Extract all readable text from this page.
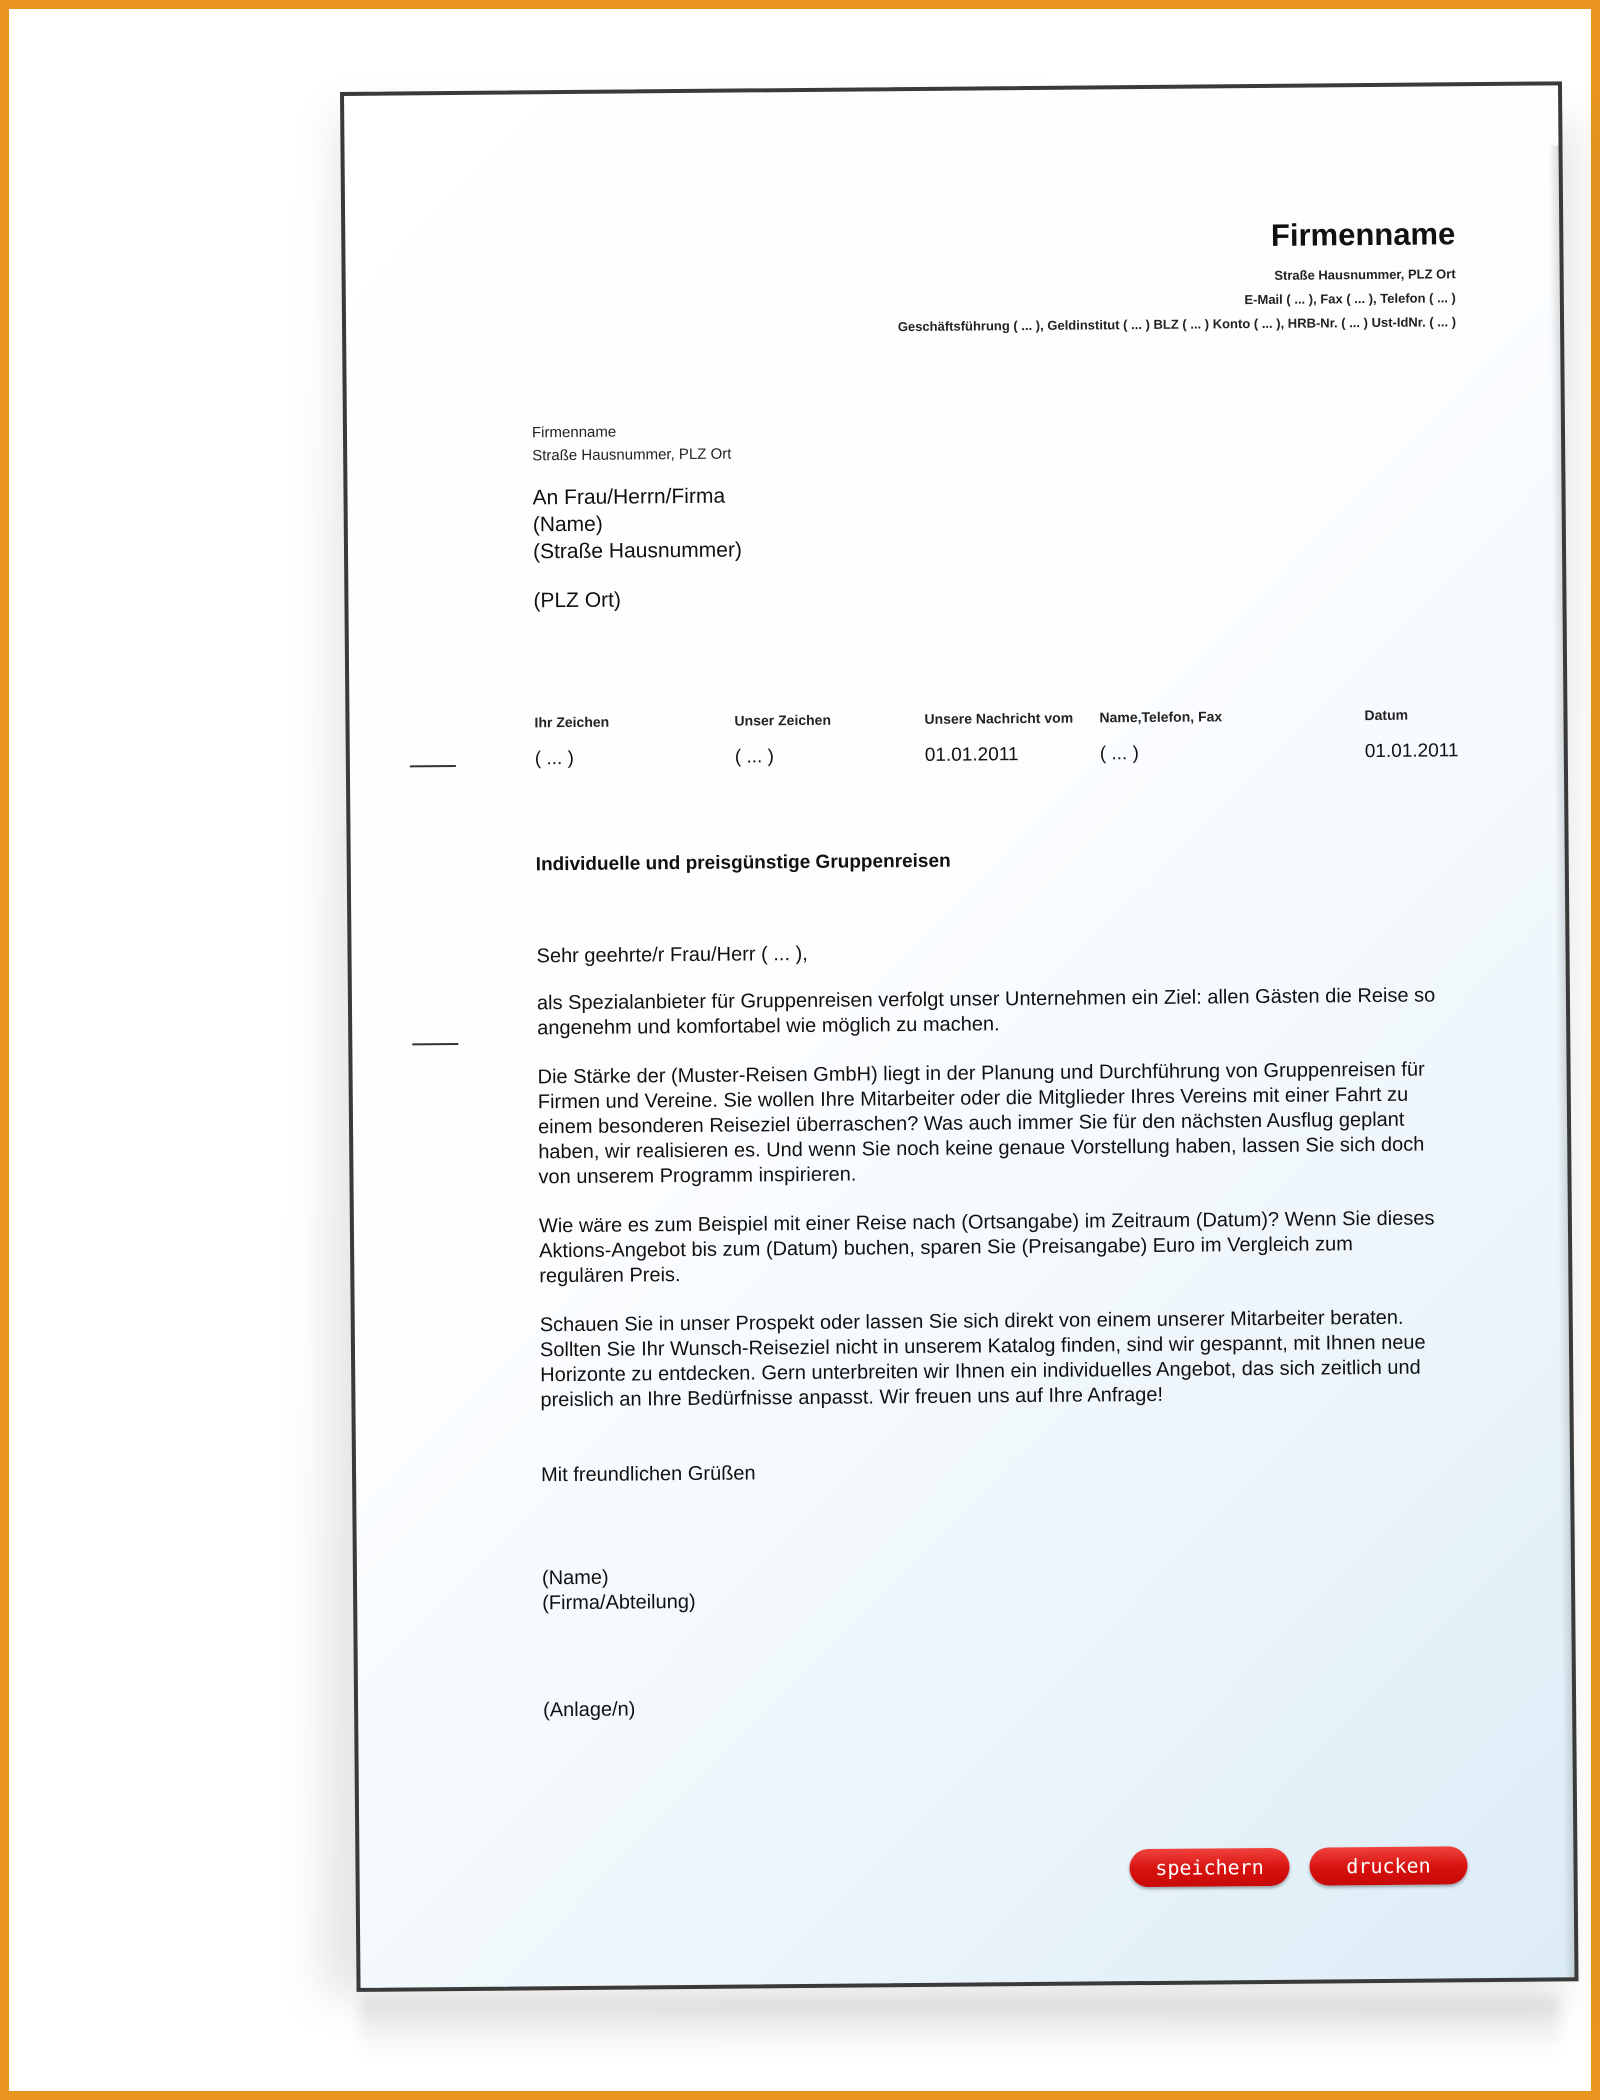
Firmenname
Straße Hausnummer, PLZ Ort
E-Mail ( ... ), Fax ( ... ), Telefon ( ... )
Geschäftsführung ( ... ), Geldinstitut ( ... ) BLZ ( ... ) Konto ( ... ), HRB-Nr. ( ... ) Ust-IdNr. ( ... )
Firmenname
Straße Hausnummer, PLZ Ort
An Frau/Herrn/Firma
(Name)
(Straße Hausnummer)
(PLZ Ort)
Ihr Zeichen
( ... )
Unser Zeichen
( ... )
Unsere Nachricht vom
01.01.2011
Name,Telefon, Fax
( ... )
Datum
01.01.2011
Individuelle und preisgünstige Gruppenreisen

Sehr geehrte/r Frau/Herr ( ... ),

als Spezialanbieter für Gruppenreisen verfolgt unser Unternehmen ein Ziel: allen Gästen die Reise so angenehm und komfortabel wie möglich zu machen.

Die Stärke der (Muster-Reisen GmbH) liegt in der Planung und Durchführung von Gruppenreisen für Firmen und Vereine. Sie wollen Ihre Mitarbeiter oder die Mitglieder Ihres Vereins mit einer Fahrt zu einem besonderen Reiseziel überraschen? Was auch immer Sie für den nächsten Ausflug geplant haben, wir realisieren es. Und wenn Sie noch keine genaue Vorstellung haben, lassen Sie sich doch von unserem Programm inspirieren.

Wie wäre es zum Beispiel mit einer Reise nach (Ortsangabe) im Zeitraum (Datum)? Wenn Sie dieses Aktions-Angebot bis zum (Datum) buchen, sparen Sie (Preisangabe) Euro im Vergleich zum regulären Preis.

Schauen Sie in unser Prospekt oder lassen Sie sich direkt von einem unserer Mitarbeiter beraten. Sollten Sie Ihr Wunsch-Reiseziel nicht in unserem Katalog finden, sind wir gespannt, mit Ihnen neue Horizonte zu entdecken. Gern unterbreiten wir Ihnen ein individuelles Angebot, das sich zeitlich und preislich an Ihre Bedürfnisse anpasst. Wir freuen uns auf Ihre Anfrage!

Mit freundlichen Grüßen
(Name)
(Firma/Abteilung)
(Anlage/n)
speichern	drucken
